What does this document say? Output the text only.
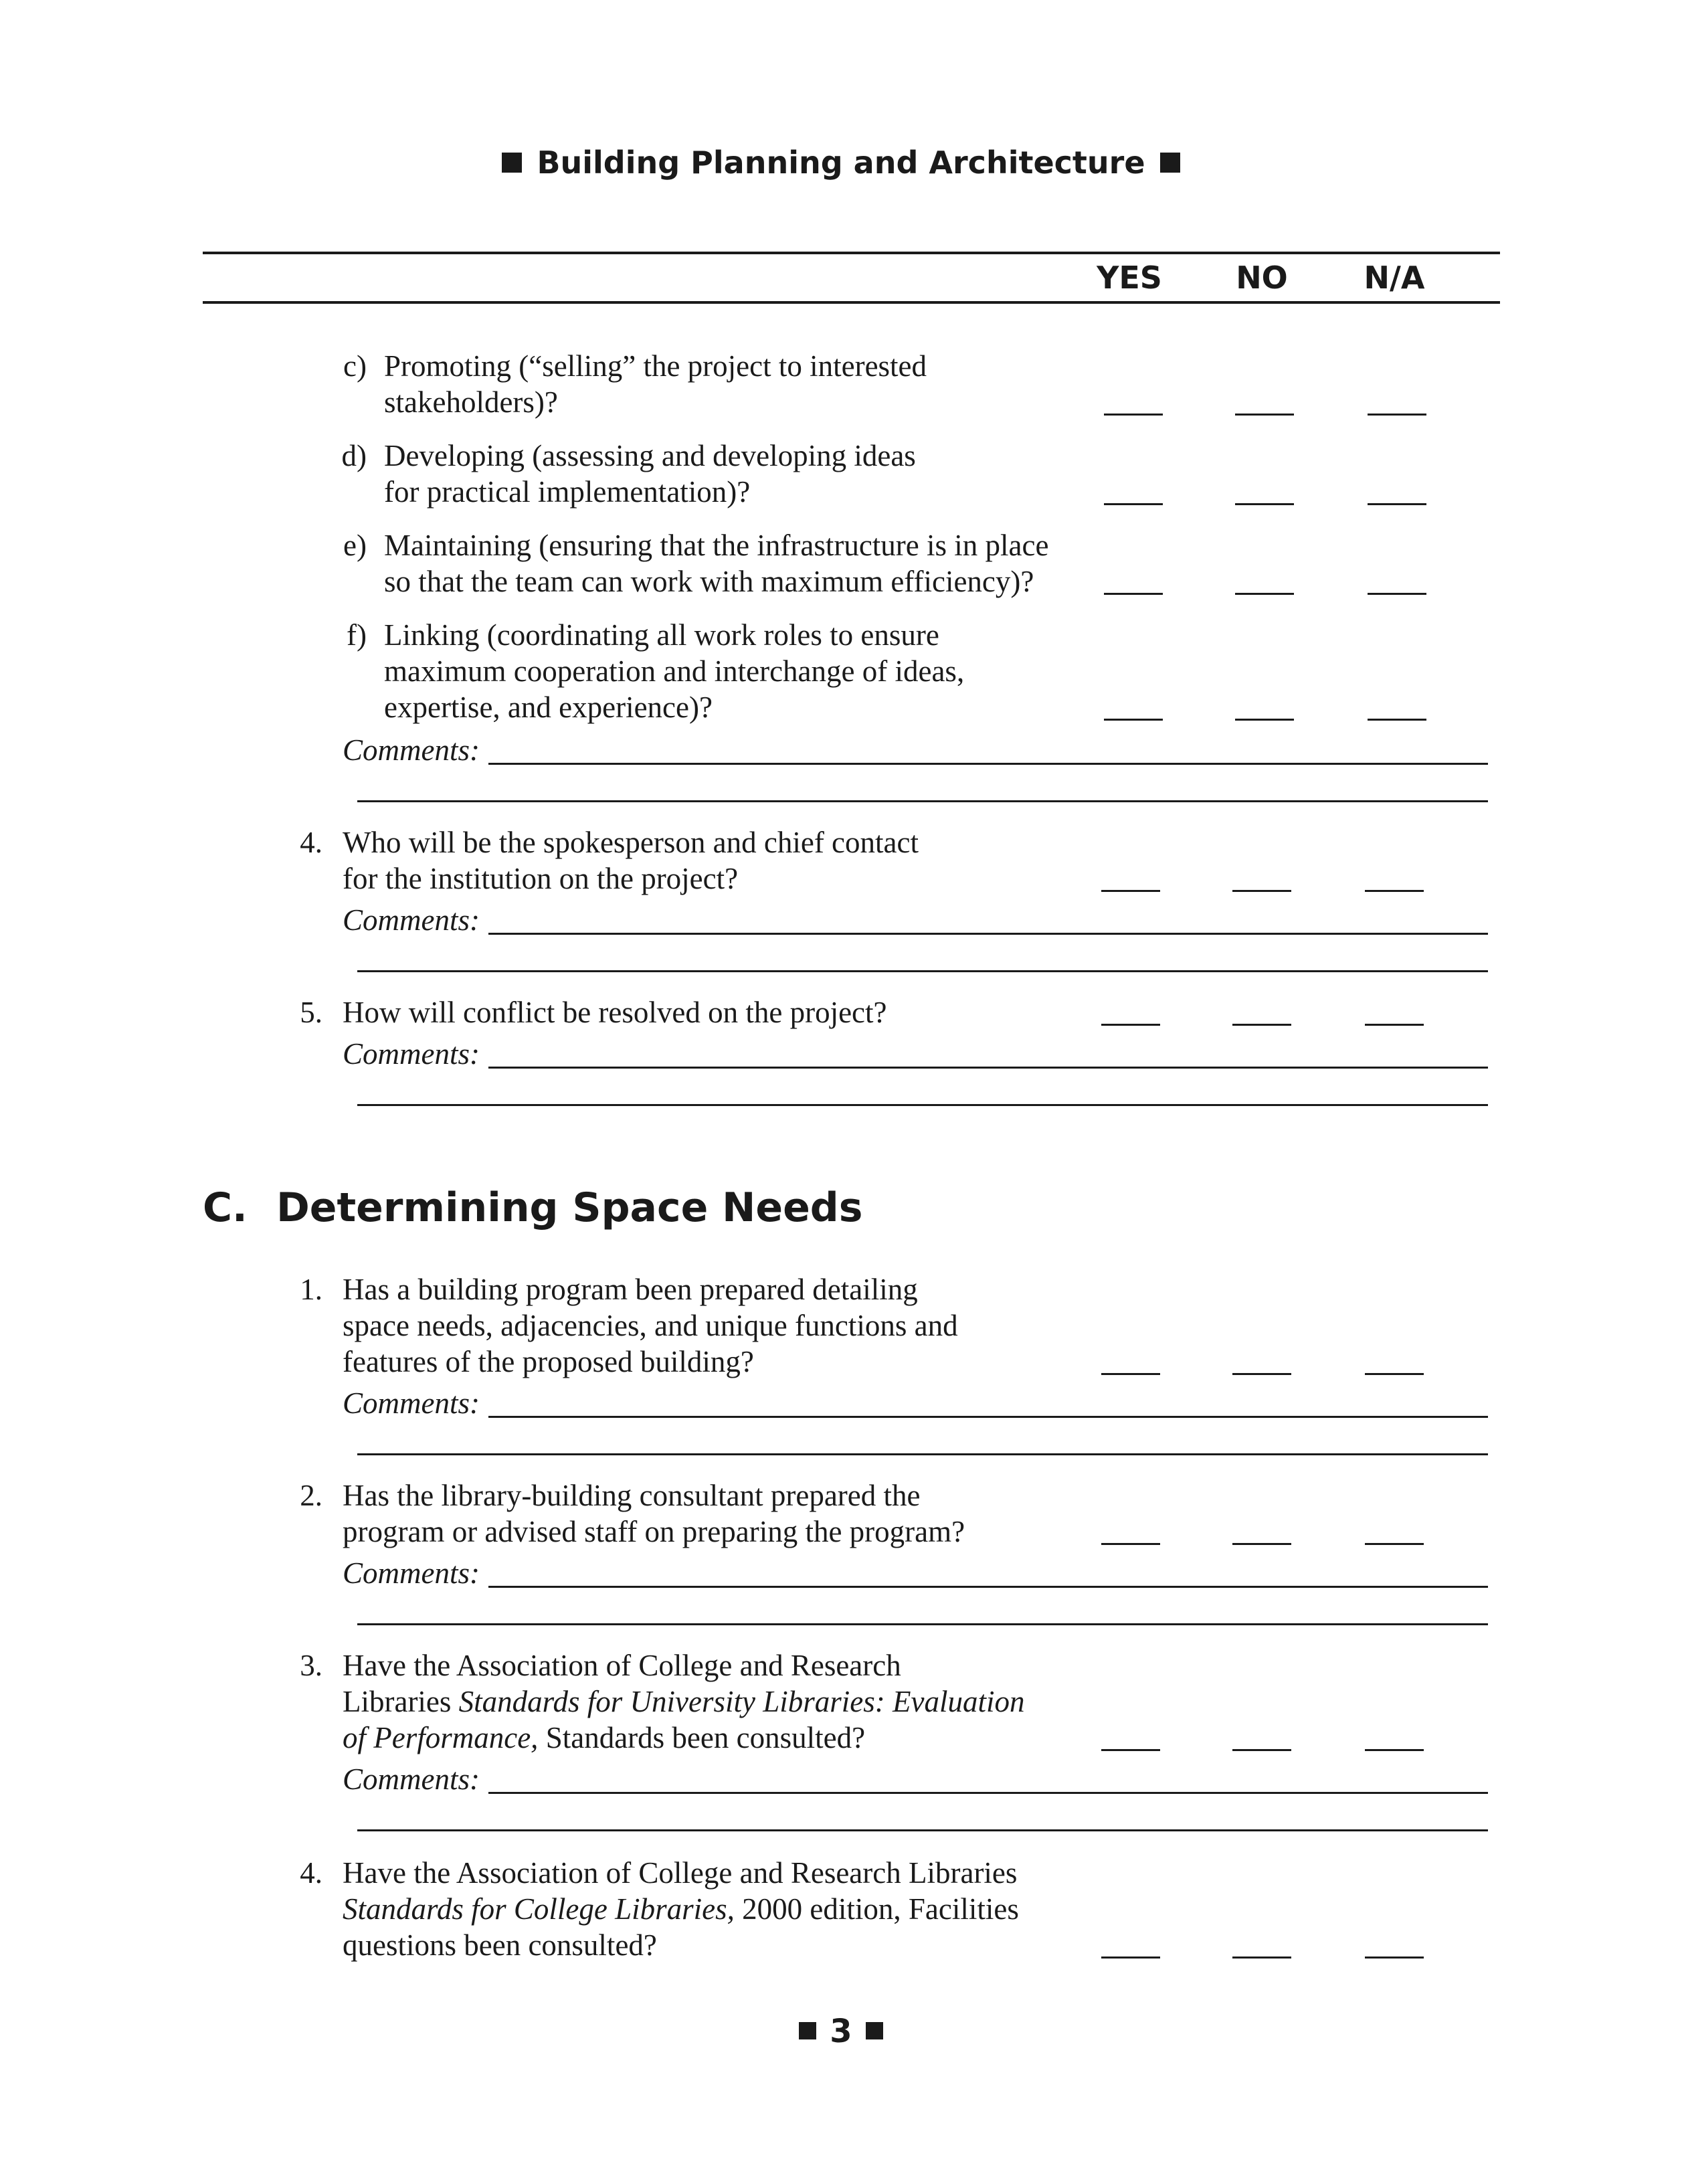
Building Planning and Architecture
YES	NO	N/A
c) Promoting (“selling” the project to interested
stakeholders)?
d) Developing (assessing and developing ideas
for practical implementation)?
e) Maintaining (ensuring that the infrastructure is in place
so that the team can work with maximum efficiency)?
f) Linking (coordinating all work roles to ensure
maximum cooperation and interchange of ideas,
expertise, and experience)?
Comments:
4. Who will be the spokesperson and chief contact
for the institution on the project?
Comments:
5. How will conflict be resolved on the project?
Comments:
C. Determining Space Needs
1. Has a building program been prepared detailing
space needs, adjacencies, and unique functions and
features of the proposed building?
Comments:
2. Has the library-building consultant prepared the
program or advised staff on preparing the program?
Comments:
3. Have the Association of College and Research
Libraries Standards for University Libraries: Evaluation
of Performance, Standards been consulted?
Comments:
4. Have the Association of College and Research Libraries
Standards for College Libraries, 2000 edition, Facilities
questions been consulted?
3
